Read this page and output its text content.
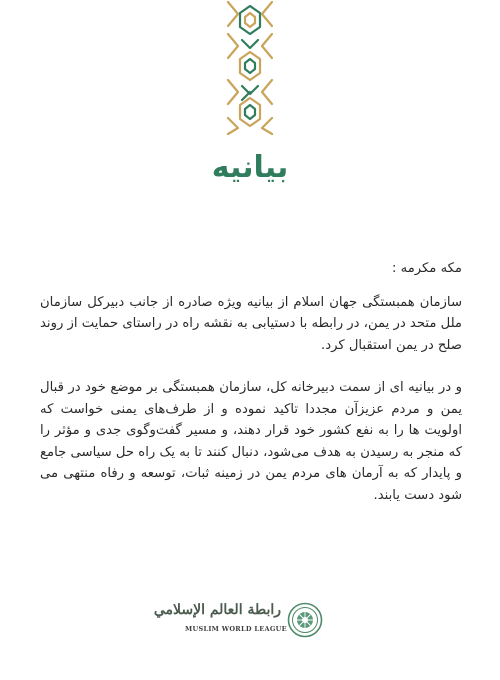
بيانيه

مکه مکرمه :

سازمان همبستگی جهان اسلام از بیانیه ویژه صادره از جانب دبیرکل سازمان ملل متحد در یمن، در رابطه با دستیابی به نقشه راه در راستای حمایت از روند صلح در یمن استقبال کرد.

و در بیانیه ای از سمت دبیرخانه کل، سازمان همبستگی بر موضع خود در قبال یمن و مردم عزیزآن مجددا تاکید نموده و از طرف‌های یمنی خواست که اولویت ها را به نفع کشور خود قرار دهند، و مسیر گفت‌وگوی جدی و مؤثر را که منجر به رسیدن به هدف می‌شود، دنبال کنند تا به یک راه حل سیاسی جامع و پایدار که به آرمان های مردم یمن در زمینه ثبات، توسعه و رفاه منتهی می شود دست یابند.

رابطة العالم الإسلامي
MUSLIM WORLD LEAGUE
